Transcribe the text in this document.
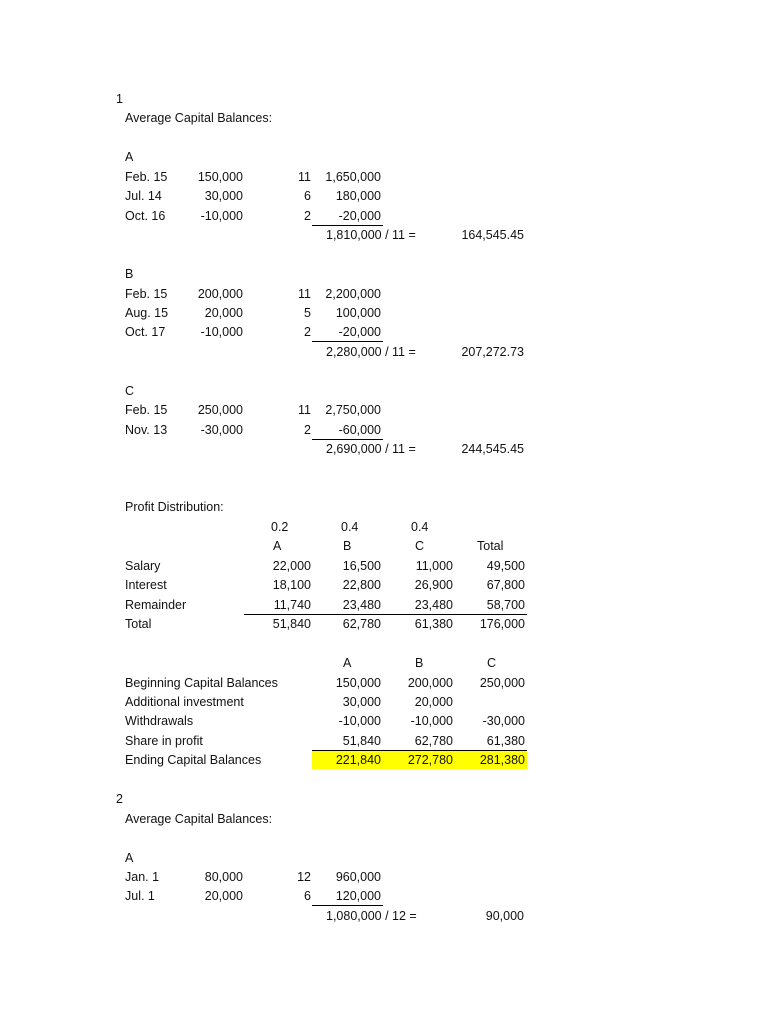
1
Average Capital Balances:
A
Feb. 15 150,000	11 1,650,000
Jul. 14	30,000	6 180,000
Oct. 16	-10,000	2 -20,000
1,810,000 / 11 =	164,545.45
B
Feb. 15 200,000	11 2,200,000
Aug. 15	20,000	5 100,000
Oct. 17	-10,000	2 -20,000
2,280,000 / 11 =	207,272.73
C
Feb. 15 250,000	11 2,750,000
Nov. 13	-30,000	2 -60,000
2,690,000 / 11 =	244,545.45
Profit Distribution:
0.2	0.4	0.4
A	B	C	Total
Salary	22,000	16,500	11,000	49,500
Interest	18,100	22,800	26,900	67,800
Remainder	11,740	23,480	23,480	58,700
Total	51,840	62,780	61,380 176,000
A	B	C
Beginning Capital Balances	150,000 200,000 250,000
Additional investment	30,000	20,000
Withdrawals	-10,000 -10,000 -30,000
Share in profit	51,840	62,780	61,380
Ending Capital Balances	221,840 272,780 281,380
2
Average Capital Balances:
A
Jan. 1	80,000	12 960,000
Jul. 1	20,000	6 120,000
1,080,000 / 12 =	90,000
